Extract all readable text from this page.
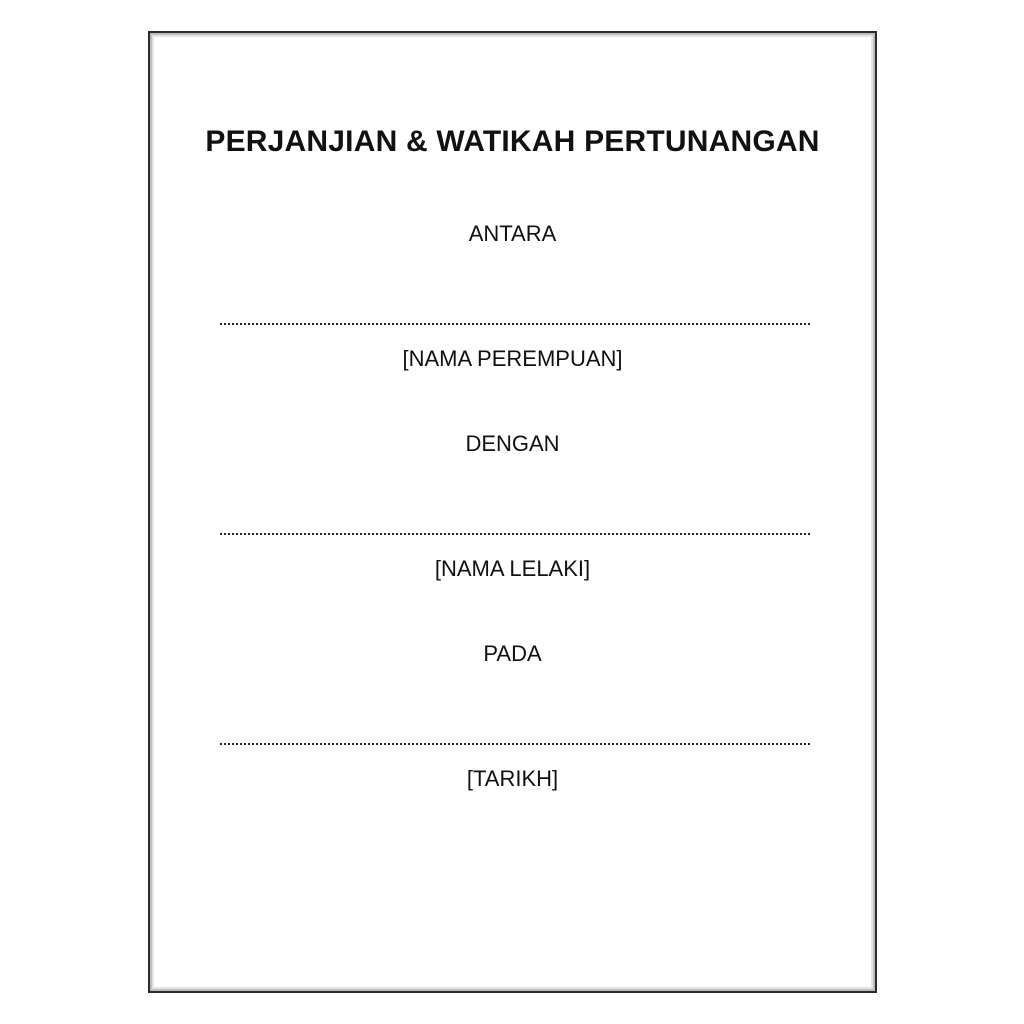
PERJANJIAN & WATIKAH PERTUNANGAN
ANTARA
[NAMA PEREMPUAN]
DENGAN
[NAMA LELAKI]
PADA
[TARIKH]
